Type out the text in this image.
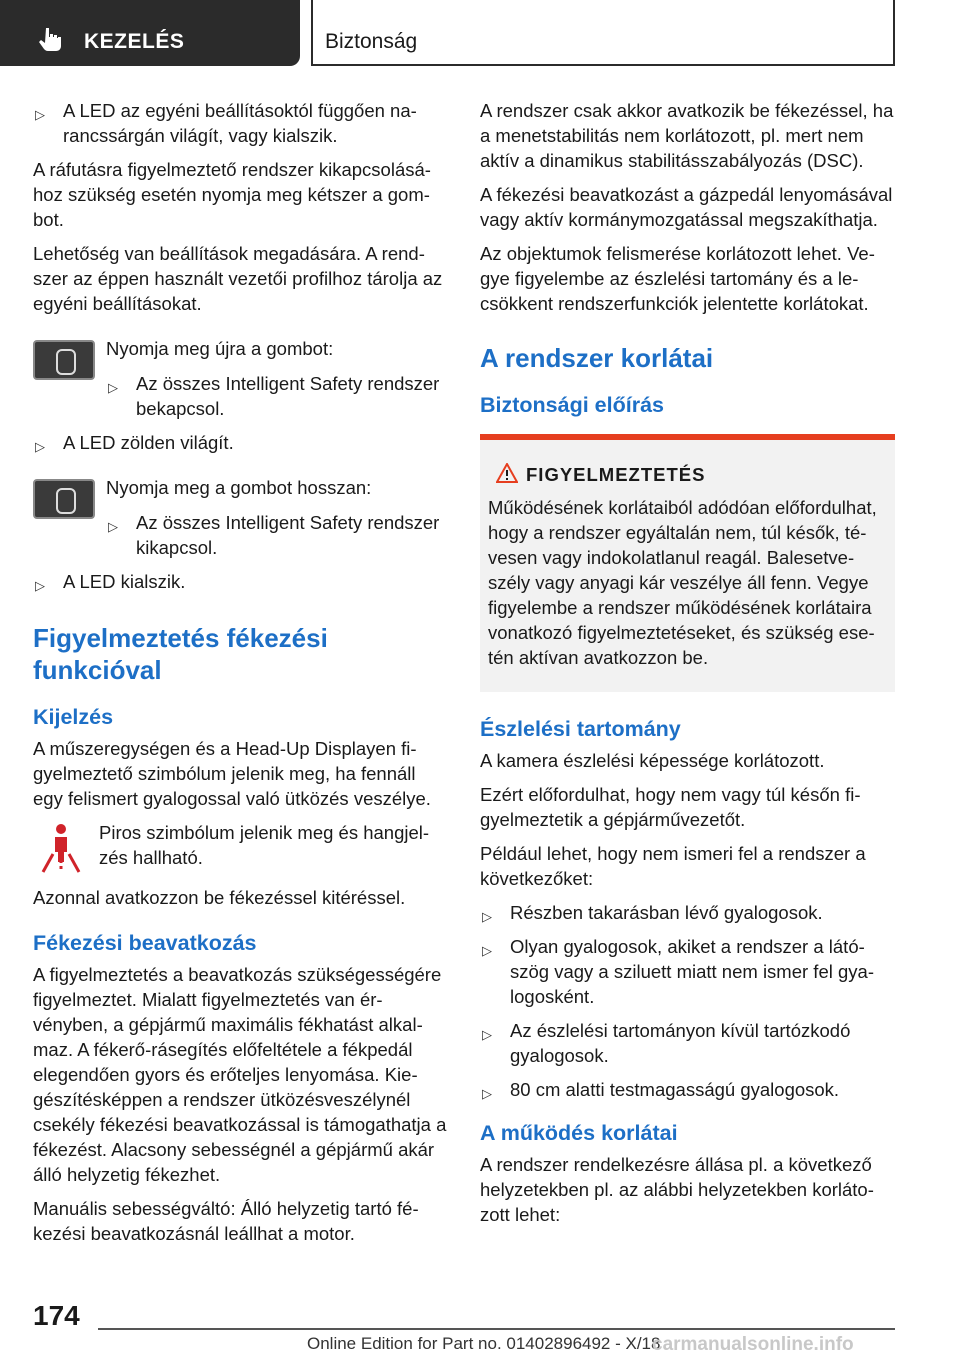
KEZELÉS	Biztonság
▷ A LED az egyéni beállításoktól függően narancssárgán világít, vagy kialszik.

A ráfutásra figyelmeztető rendszer kikapcsolásához szükség esetén nyomja meg kétszer a gombot.

Lehetőség van beállítások megadására. A rendszer az éppen használt vezetői profilhoz tárolja az egyéni beállításokat.

Nyomja meg újra a gombot:
▷ Az összes Intelligent Safety rendszer bekapcsol.
▷ A LED zölden világít.
Nyomja meg a gombot hosszan:
▷ Az összes Intelligent Safety rendszer kikapcsol.
▷ A LED kialszik.
Figyelmeztetés fékezési funkcióval
Kijelzés

A műszeregységen és a Head-Up Displayen figyelmeztető szimbólum jelenik meg, ha fennáll egy felismert gyalogossal való ütközés veszélye.

Piros szimbólum jelenik meg és hangjelzés hallható.

Azonnal avatkozzon be fékezéssel kitéréssel.

Fékezési beavatkozás

A figyelmeztetés a beavatkozás szükségességére figyelmeztet. Mialatt figyelmeztetés van érvényben, a gépjármű maximális fékhatást alkalmaz. A fékerő-rásegítés előfeltétele a fékpedál elegendően gyors és erőteljes lenyomása. Kiegészítésképpen a rendszer ütközésveszélynél csekély fékezési beavatkozással is támogathatja a fékezést. Alacsony sebességnél a gépjármű akár álló helyzetig fékezhet.

Manuális sebességváltó: Álló helyzetig tartó fékezési beavatkozásnál leállhat a motor.

A rendszer csak akkor avatkozik be fékezéssel, ha a menetstabilitás nem korlátozott, pl. mert nem aktív a dinamikus stabilitásszabályozás (DSC).

A fékezési beavatkozást a gázpedál lenyomásával vagy aktív kormánymozgatással megszakíthatja.

Az objektumok felismerése korlátozott lehet. Vegye figyelembe az észlelési tartomány és a lecsökkent rendszerfunkciók jelentette korlátokat.

A rendszer korlátai
Biztonsági előírás
FIGYELMEZTETÉS
Működésének korlátaiból adódóan előfordulhat, hogy a rendszer egyáltalán nem, túl késők, tévesen vagy indokolatlanul reagál. Balesetveszély vagy anyagi kár veszélye áll fenn. Vegye figyelembe a rendszer működésének korlátaira vonatkozó figyelmeztetéseket, és szükség esetén aktívan avatkozzon be.
Észlelési tartomány

A kamera észlelési képessége korlátozott.

Ezért előfordulhat, hogy nem vagy túl későn figyelmeztetik a gépjárművezetőt.

Például lehet, hogy nem ismeri fel a rendszer a következőket:

▷ Részben takarásban lévő gyalogosok.
▷ Olyan gyalogosok, akiket a rendszer a látószög vagy a sziluett miatt nem ismer fel gyalogosként.
▷ Az észlelési tartományon kívül tartózkodó gyalogosok.
▷ 80 cm alatti testmagasságú gyalogosok.
A működés korlátai

A rendszer rendelkezésre állása pl. a következő helyzetekben pl. az alábbi helyzetekben korlátozott lehet:

174
Online Edition for Part no. 01402896492 - X/18
carmanualsonline.info
